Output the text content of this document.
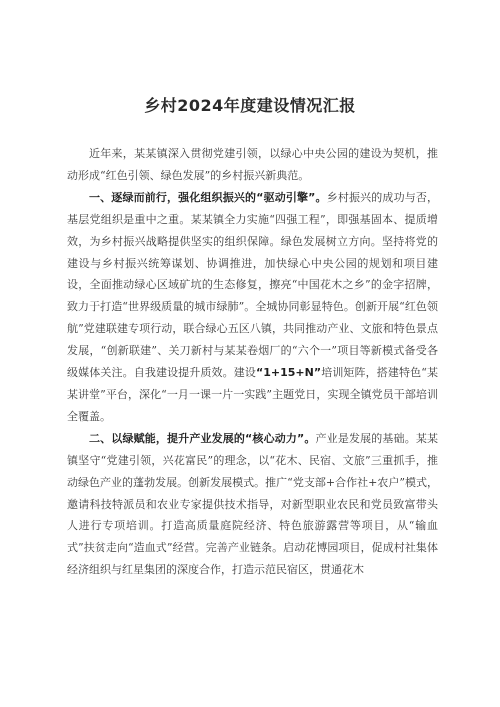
乡村2024年度建设情况汇报

近年来，某某镇深入贯彻党建引领，以绿心中央公园的建设为契机，推动形成“红色引领、绿色发展”的乡村振兴新典范。

一、逐绿而前行，强化组织振兴的“驱动引擎”。乡村振兴的成功与否，基层党组织是重中之重。某某镇全力实施“四强工程”，即强基固本、提质增效，为乡村振兴战略提供坚实的组织保障。绿色发展树立方向。坚持将党的建设与乡村振兴统筹谋划、协调推进，加快绿心中央公园的规划和项目建设，全面推动绿心区域矿坑的生态修复，擦亮“中国花木之乡”的金字招牌，致力于打造“世界级质量的城市绿肺”。全城协同彰显特色。创新开展“红色领航”党建联建专项行动，联合绿心五区八镇，共同推动产业、文旅和特色景点发展，“创新联建”、关刀新村与某某卷烟厂的“六个一”项目等新模式备受各级媒体关注。自我建设提升质效。建设“1+15+N”培训矩阵，搭建特色“某某讲堂”平台，深化“一月一课一片一实践”主题党日，实现全镇党员干部培训全覆盖。

二、以绿赋能，提升产业发展的“核心动力”。产业是发展的基础。某某镇坚守“党建引领，兴花富民”的理念，以“花木、民宿、文旅”三重抓手，推动绿色产业的蓬勃发展。创新发展模式。推广“党支部+合作社+农户”模式，邀请科技特派员和农业专家提供技术指导，对新型职业农民和党员致富带头人进行专项培训。打造高质量庭院经济、特色旅游露营等项目，从“输血式”扶贫走向“造血式”经营。完善产业链条。启动花博园项目，促成村社集体经济组织与红星集团的深度合作，打造示范民宿区，贯通花木
